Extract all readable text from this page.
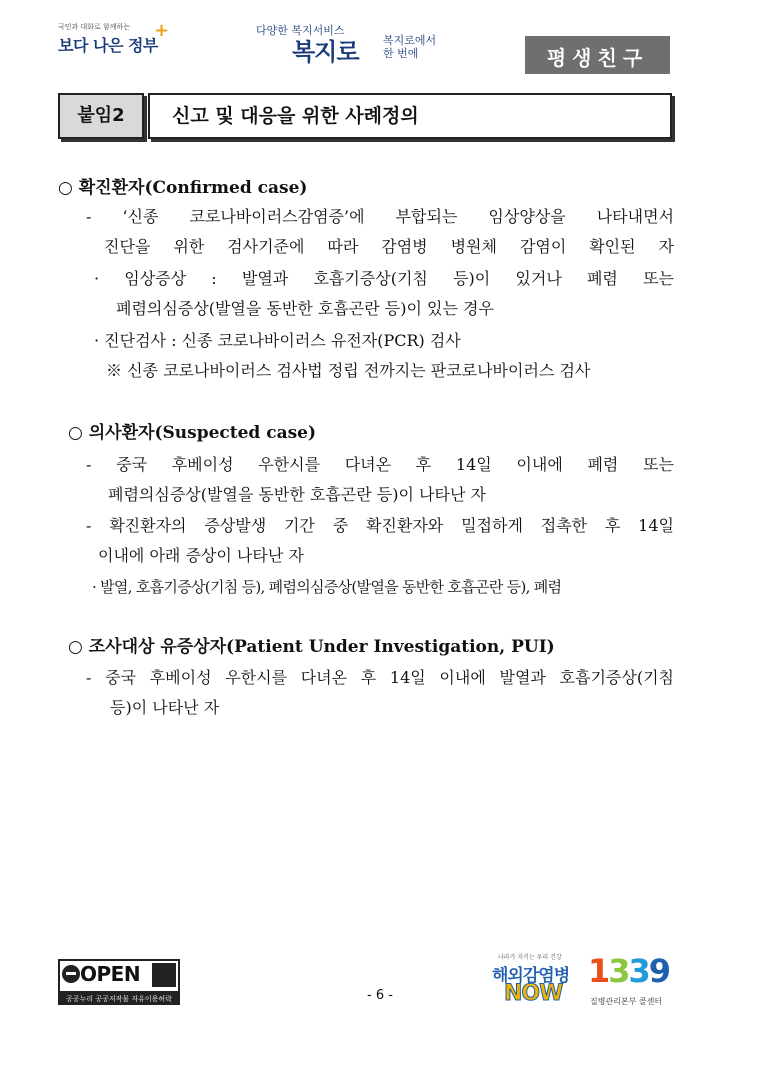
국민과 대화로 함께하는
보다 나은 정부
+	다양한 복지서비스
복지로 복지로에서
한 번에	평생친구
붙임2	신고 및 대응을 위한 사례정의
○ 확진환자(Confirmed case)
- ‘신종 코로나바이러스감염증’에 부합되는 임상양상을 나타내면서
진단을 위한 검사기준에 따라 감염병 병원체 감염이 확인된 자
· 임상증상 : 발열과 호흡기증상(기침 등)이 있거나 폐렴 또는
폐렴의심증상(발열을 동반한 호흡곤란 등)이 있는 경우
· 진단검사 : 신종 코로나바이러스 유전자(PCR) 검사
※ 신종 코로나바이러스 검사법 정립 전까지는 판코로나바이러스 검사
○ 의사환자(Suspected case)
- 중국 후베이성 우한시를 다녀온 후 14일 이내에 폐렴 또는
폐렴의심증상(발열을 동반한 호흡곤란 등)이 나타난 자
- 확진환자의 증상발생 기간 중 확진환자와 밀접하게 접촉한 후 14일
이내에 아래 증상이 나타난 자
· 발열, 호흡기증상(기침 등), 폐렴의심증상(발열을 동반한 호흡곤란 등), 폐렴
○ 조사대상 유증상자(Patient Under Investigation, PUI)
- 중국 후베이성 우한시를 다녀온 후 14일 이내에 발열과 호흡기증상(기침
등)이 나타난 자
OPEN
공공누리 공공저작물 자유이용허락	- 6 -
나라가 지키는 우리 건강
해외감염병
NOW
1339
질병관리본부 콜센터
